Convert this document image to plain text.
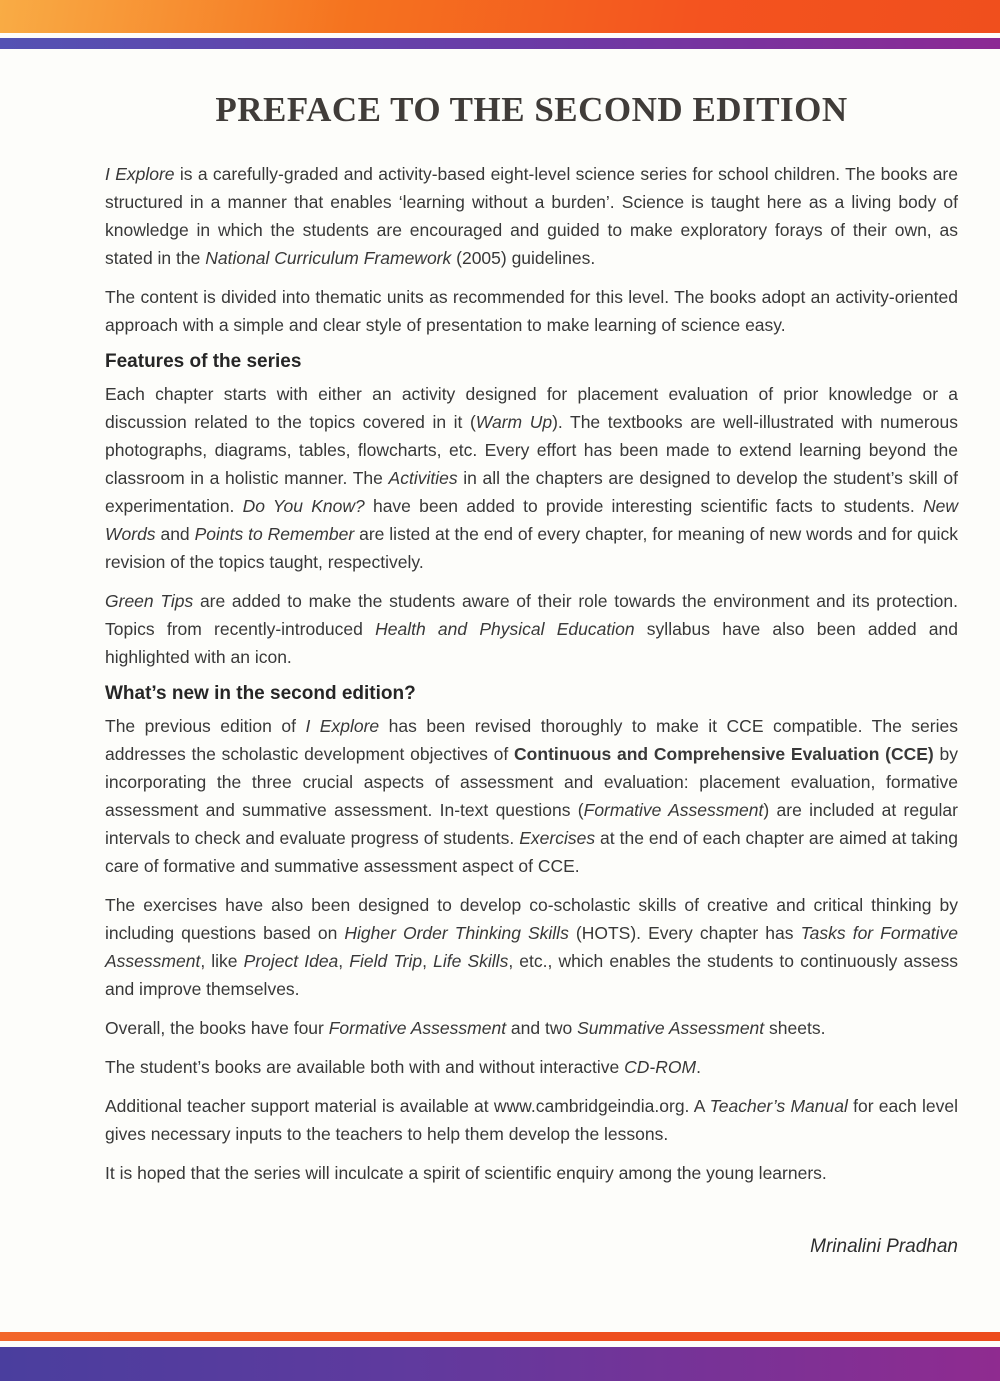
PREFACE TO THE SECOND EDITION

I Explore is a carefully-graded and activity-based eight-level science series for school children. The books are structured in a manner that enables ‘learning without a burden’. Science is taught here as a living body of knowledge in which the students are encouraged and guided to make exploratory forays of their own, as stated in the National Curriculum Framework (2005) guidelines.

The content is divided into thematic units as recommended for this level. The books adopt an activity-oriented approach with a simple and clear style of presentation to make learning of science easy.

Features of the series

Each chapter starts with either an activity designed for placement evaluation of prior knowledge or a discussion related to the topics covered in it (Warm Up). The textbooks are well-illustrated with numerous photographs, diagrams, tables, flowcharts, etc. Every effort has been made to extend learning beyond the classroom in a holistic manner. The Activities in all the chapters are designed to develop the student’s skill of experimentation. Do You Know? have been added to provide interesting scientific facts to students. New Words and Points to Remember are listed at the end of every chapter, for meaning of new words and for quick revision of the topics taught, respectively.

Green Tips are added to make the students aware of their role towards the environment and its protection. Topics from recently-introduced Health and Physical Education syllabus have also been added and highlighted with an icon.

What’s new in the second edition?

The previous edition of I Explore has been revised thoroughly to make it CCE compatible. The series addresses the scholastic development objectives of Continuous and Comprehensive Evaluation (CCE) by incorporating the three crucial aspects of assessment and evaluation: placement evaluation, formative assessment and summative assessment. In-text questions (Formative Assessment) are included at regular intervals to check and evaluate progress of students. Exercises at the end of each chapter are aimed at taking care of formative and summative assessment aspect of CCE.

The exercises have also been designed to develop co-scholastic skills of creative and critical thinking by including questions based on Higher Order Thinking Skills (HOTS). Every chapter has Tasks for Formative Assessment, like Project Idea, Field Trip, Life Skills, etc., which enables the students to continuously assess and improve themselves.

Overall, the books have four Formative Assessment and two Summative Assessment sheets.

The student’s books are available both with and without interactive CD-ROM.

Additional teacher support material is available at www.cambridgeindia.org. A Teacher’s Manual for each level gives necessary inputs to the teachers to help them develop the lessons.

It is hoped that the series will inculcate a spirit of scientific enquiry among the young learners.

Mrinalini Pradhan
